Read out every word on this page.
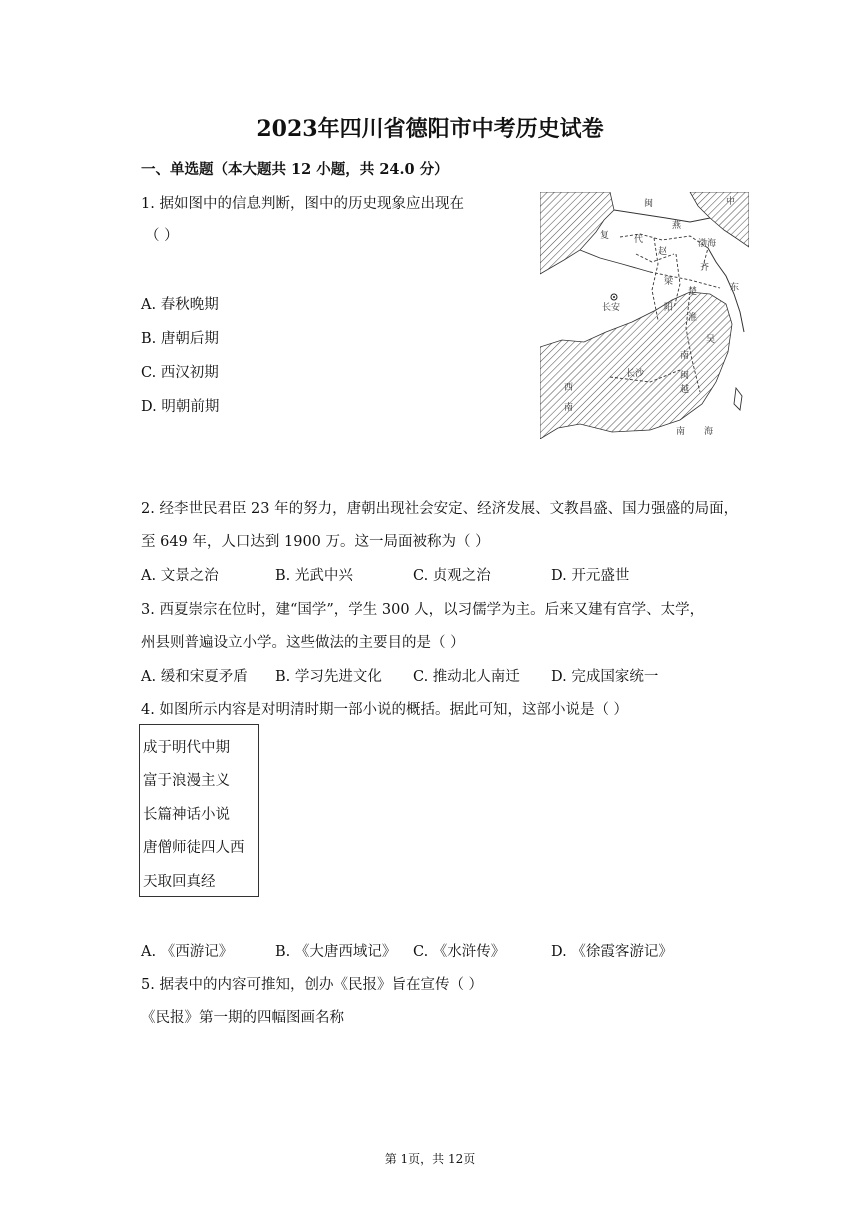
2023年四川省德阳市中考历史试卷
一、单选题（本大题共 12 小题，共 24.0 分）
1. 据如图中的信息判断，图中的历史现象应出现在
（ ）
A. 春秋晚期
B. 唐朝后期
C. 西汉初期
D. 明朝前期
闽	中
复	代
燕
渤海
赵
齐
长安
梁
楚	东
阳
淮
吴
南
西
长沙	闽
越
南
南 海
2. 经李世民君臣 23 年的努力，唐朝出现社会安定、经济发展、文教昌盛、国力强盛的局面，
至 649 年，人口达到 1900 万。这一局面被称为（ ）
A. 文景之治	B. 光武中兴	C. 贞观之治	D. 开元盛世
3. 西夏崇宗在位时，建“国学”，学生 300 人，以习儒学为主。后来又建有宫学、太学，
州县则普遍设立小学。这些做法的主要目的是（ ）
A. 缓和宋夏矛盾 B. 学习先进文化 C. 推动北人南迁 D. 完成国家统一
4. 如图所示内容是对明清时期一部小说的概括。据此可知，这部小说是（ ）
成于明代中期
富于浪漫主义
长篇神话小说
唐僧师徒四人西
天取回真经
A. 《西游记》	B. 《大唐西域记》 C. 《水浒传》	D. 《徐霞客游记》
5. 据表中的内容可推知，创办《民报》旨在宣传（ ）
《民报》第一期的四幅图画名称
第 1页，共 12页
